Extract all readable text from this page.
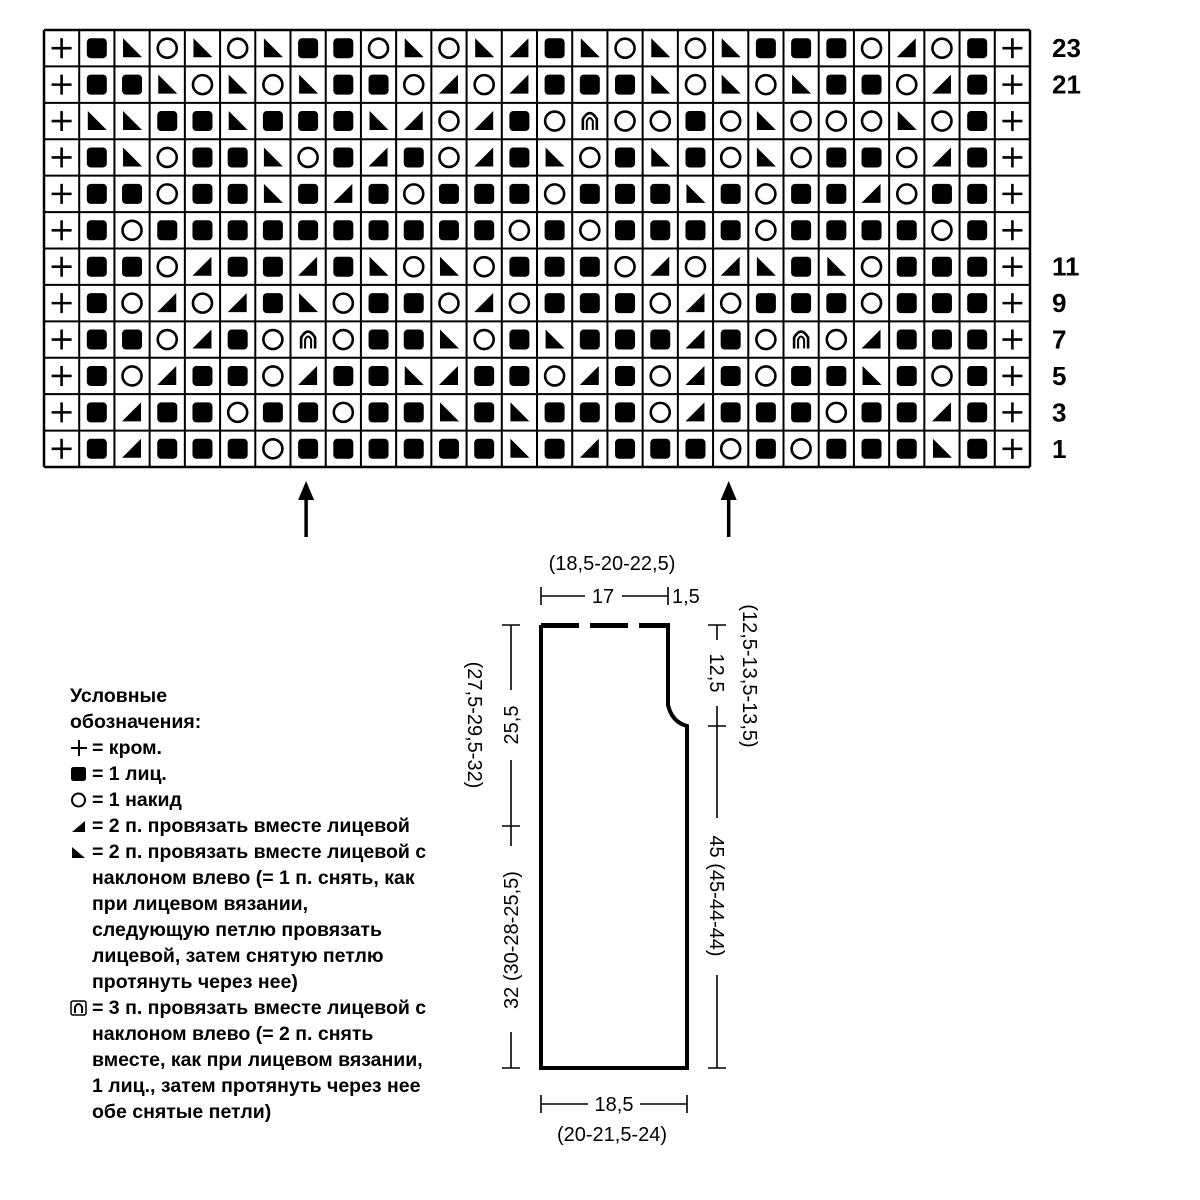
23
21
11
9
7
5
3
1
17	1,5
(18,5-20-22,5)
25,5
(27,5-29,5-32)
32 (30-28-25,5)
12,5 (12,5-13,5-13,5)
45 (45-44-44)
18,5
(20-21,5-24)
Условные
обозначения:
= кром.
= 1 лиц.
= 1 накид
= 2 п. провязать вместе лицевой
= 2 п. провязать вместе лицевой с наклоном влево (= 1 п. снять, как при лицевом вязании, следующую петлю провязать лицевой, затем снятую петлю протянуть через нее)
= 3 п. провязать вместе лицевой с наклоном влево (= 2 п. снять вместе, как при лицевом вязании, 1 лиц., затем протянуть через нее обе снятые петли)
